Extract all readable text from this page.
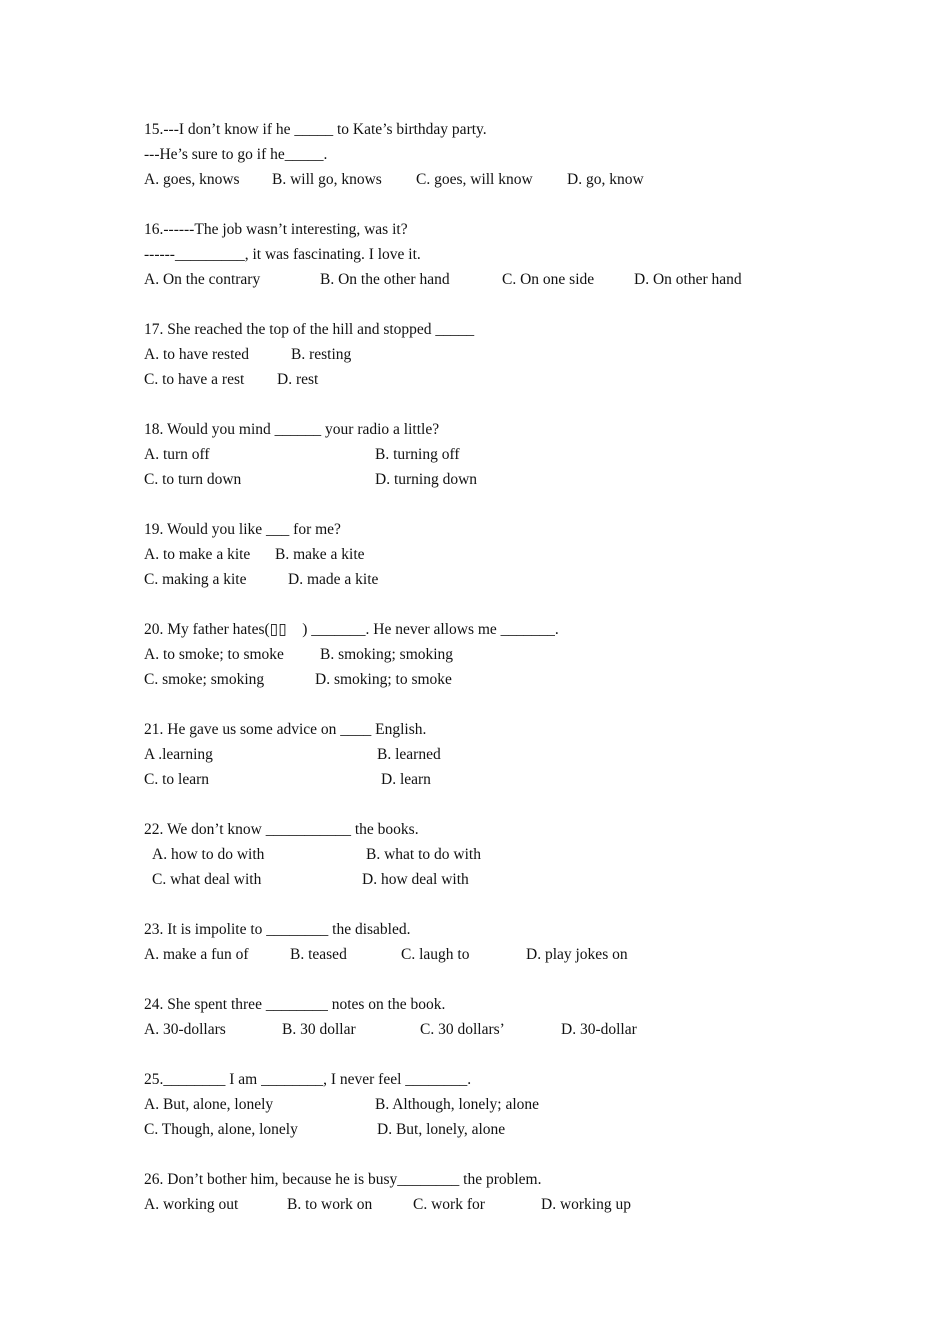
15.---I don’t know if he _____ to Kate’s birthday party.
---He’s sure to go if he_____.
A. goes, knows B. will go, knows C. goes, will know D. go, know
16.------The job wasn’t interesting, was it?
------_________, it was fascinating. I love it.
A. On the contrary	B. On the other hand	C. On one side	D. On other hand
17. She reached the top of the hill and stopped _____
A. to have rested	B. resting
C. to have a rest D. rest
18. Would you mind ______ your radio a little?
A. turn off	B. turning off
C. to turn down	D. turning down
19. Would you like ___ for me?
A. to make a kite B. make a kite
C. making a kite	D. made a kite
20. My father hates(▯▯    ) _______. He never allows me _______.
A. to smoke; to smoke B. smoking; smoking
C. smoke; smoking	D. smoking; to smoke
21. He gave us some advice on ____ English.
A .learning	B. learned
C. to learn	D. learn
22. We don’t know ___________ the books.
A. how to do with	B. what to do with
C. what deal with	D. how deal with
23. It is impolite to ________ the disabled.
A. make a fun of	B. teased	C. laugh to	D. play jokes on
24. She spent three ________ notes on the book.
A. 30-dollars	B. 30 dollar	C. 30 dollars’	D. 30-dollar
25.________ I am ________, I never feel ________.
A. But, alone, lonely	B. Although, lonely; alone
C. Though, alone, lonely	D. But, lonely, alone
26. Don’t bother him, because he is busy________ the problem.
A. working out	B. to work on	C. work for	D. working up
